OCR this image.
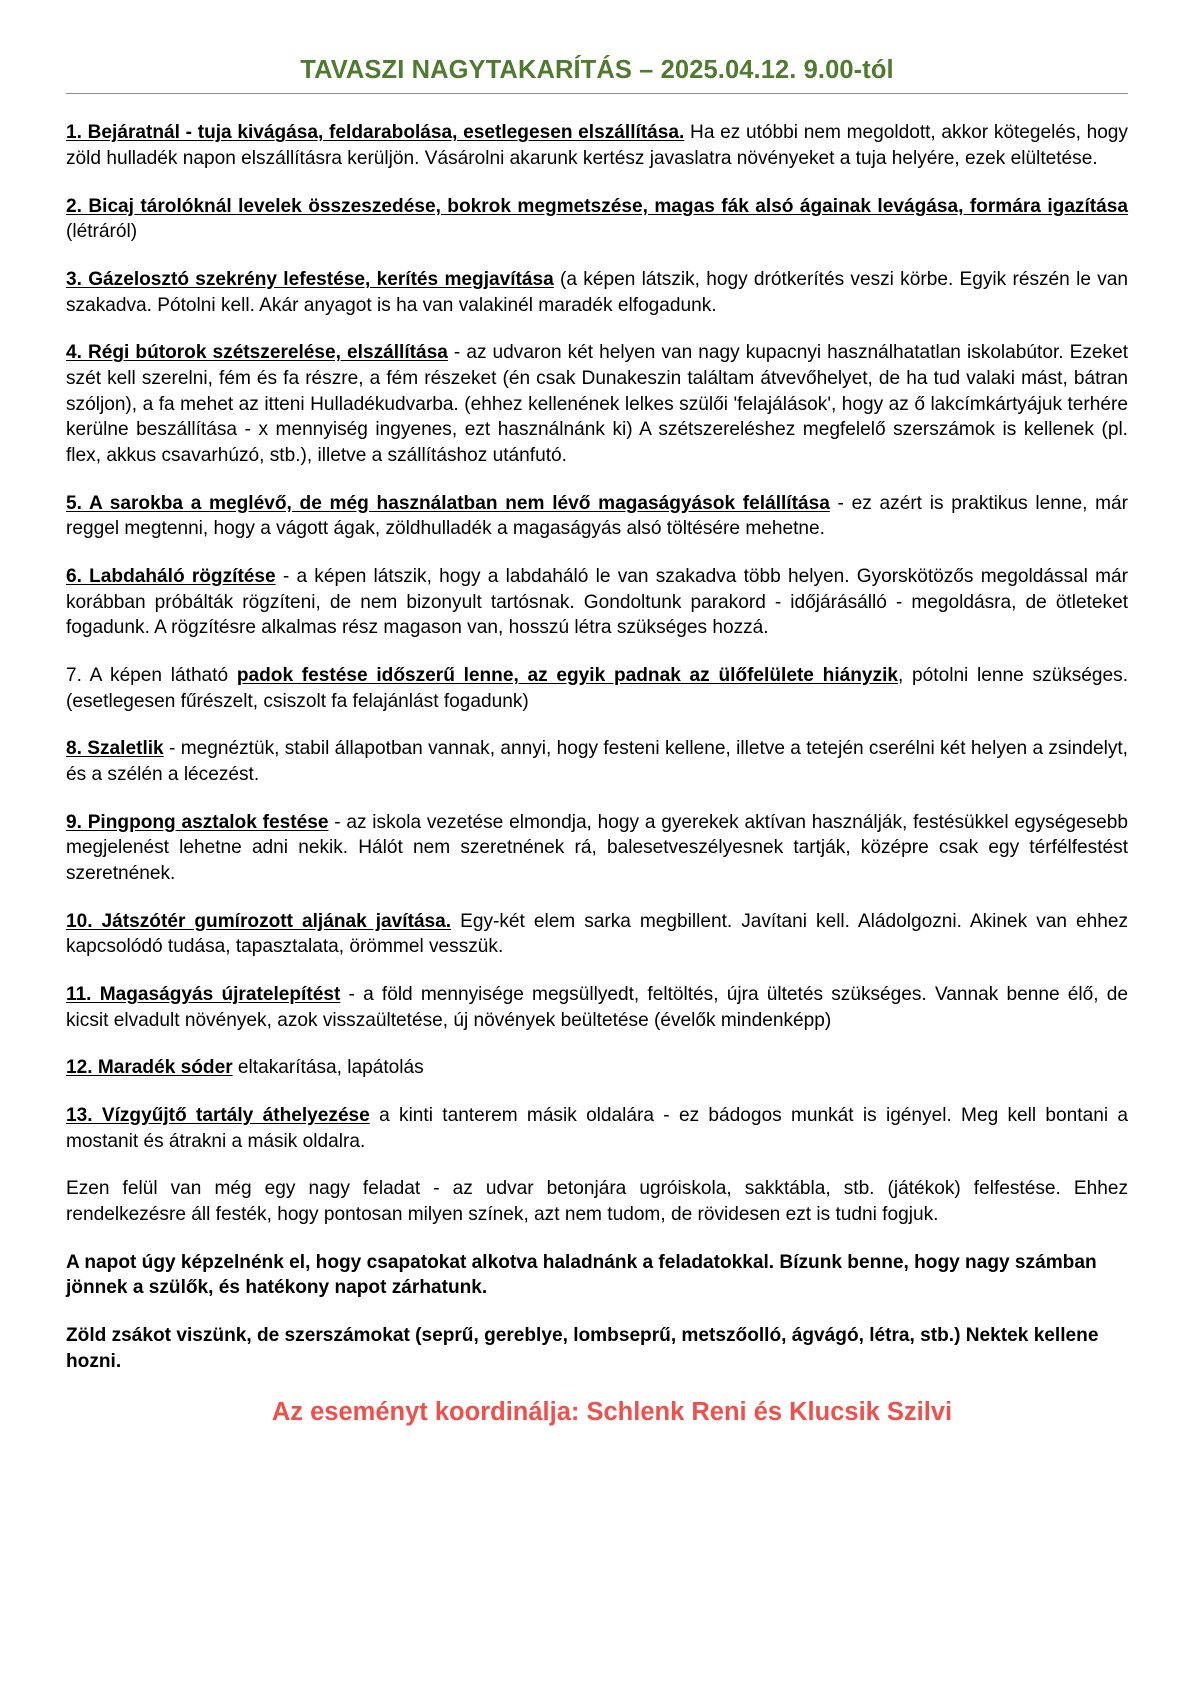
TAVASZI NAGYTAKARÍTÁS – 2025.04.12. 9.00-tól

1. Bejáratnál - tuja kivágása, feldarabolása, esetlegesen elszállítása. Ha ez utóbbi nem megoldott, akkor kötegelés, hogy zöld hulladék napon elszállításra kerüljön. Vásárolni akarunk kertész javaslatra növényeket a tuja helyére, ezek elültetése.

2. Bicaj tárolóknál levelek összeszedése, bokrok megmetszése, magas fák alsó ágainak levágása, formára igazítása (létráról)

3. Gázelosztó szekrény lefestése, kerítés megjavítása (a képen látszik, hogy drótkerítés veszi körbe. Egyik részén le van szakadva. Pótolni kell. Akár anyagot is ha van valakinél maradék elfogadunk.

4. Régi bútorok szétszerelése, elszállítása - az udvaron két helyen van nagy kupacnyi használhatatlan iskolabútor. Ezeket szét kell szerelni, fém és fa részre, a fém részeket (én csak Dunakeszin találtam átvevőhelyet, de ha tud valaki mást, bátran szóljon), a fa mehet az itteni Hulladékudvarba. (ehhez kellenének lelkes szülői 'felajálások', hogy az ő lakcímkártyájuk terhére kerülne beszállítása - x mennyiség ingyenes, ezt használnánk ki) A szétszereléshez megfelelő szerszámok is kellenek (pl. flex, akkus csavarhúzó, stb.), illetve a szállításhoz utánfutó.

5. A sarokba a meglévő, de még használatban nem lévő magaságyások felállítása - ez azért is praktikus lenne, már reggel megtenni, hogy a vágott ágak, zöldhulladék a magaságyás alsó töltésére mehetne.

6. Labdaháló rögzítése - a képen látszik, hogy a labdaháló le van szakadva több helyen. Gyorskötözős megoldással már korábban próbálták rögzíteni, de nem bizonyult tartósnak. Gondoltunk parakord - időjárásálló - megoldásra, de ötleteket fogadunk. A rögzítésre alkalmas rész magason van, hosszú létra szükséges hozzá.

7. A képen látható padok festése időszerű lenne, az egyik padnak az ülőfelülete hiányzik, pótolni lenne szükséges. (esetlegesen fűrészelt, csiszolt fa felajánlást fogadunk)

8. Szaletlik - megnéztük, stabil állapotban vannak, annyi, hogy festeni kellene, illetve a tetején cserélni két helyen a zsindelyt, és a szélén a lécezést.

9. Pingpong asztalok festése - az iskola vezetése elmondja, hogy a gyerekek aktívan használják, festésükkel egységesebb megjelenést lehetne adni nekik. Hálót nem szeretnének rá, balesetveszélyesnek tartják, középre csak egy térfélfestést szeretnének.

10. Játszótér gumírozott aljának javítása. Egy-két elem sarka megbillent. Javítani kell. Aládolgozni. Akinek van ehhez kapcsolódó tudása, tapasztalata, örömmel vesszük.

11. Magaságyás újratelepítést - a föld mennyisége megsüllyedt, feltöltés, újra ültetés szükséges. Vannak benne élő, de kicsit elvadult növények, azok visszaültetése, új növények beültetése (évelők mindenképp)

12. Maradék sóder eltakarítása, lapátolás

13. Vízgyűjtő tartály áthelyezése a kinti tanterem másik oldalára - ez bádogos munkát is igényel. Meg kell bontani a mostanit és átrakni a másik oldalra.

Ezen felül van még egy nagy feladat - az udvar betonjára ugróiskola, sakktábla, stb. (játékok) felfestése. Ehhez rendelkezésre áll festék, hogy pontosan milyen színek, azt nem tudom, de rövidesen ezt is tudni fogjuk.

A napot úgy képzelnénk el, hogy csapatokat alkotva haladnánk a feladatokkal. Bízunk benne, hogy nagy számban jönnek a szülők, és hatékony napot zárhatunk.

Zöld zsákot viszünk, de szerszámokat (seprű, gereblye, lombseprű, metszőolló, ágvágó, létra, stb.) Nektek kellene hozni.

Az eseményt koordinálja: Schlenk Reni és Klucsik Szilvi
